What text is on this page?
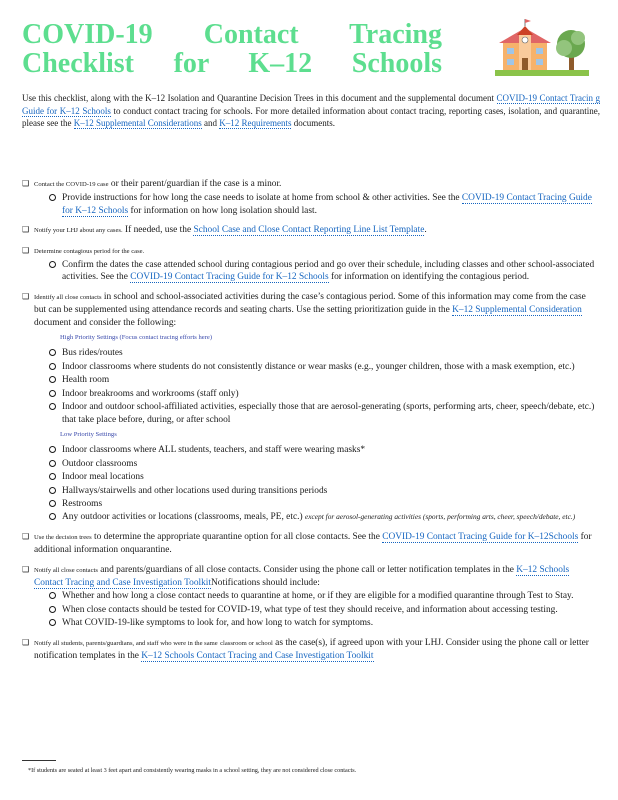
COVID-19 Contact Tracing
Checklist for K–12 Schools
Use this checklist, along with the K–12 Isolation and Quarantine Decision Trees in this document and the supplemental document COVID-19 Contact Tracin g Guide for K–12 Schools to conduct contact tracing for schools. For more detailed information about contact tracing, reporting cases, isolation, and quarantine, please see the K–12 Supplemental Considerations and K–12 Requirements documents.
❑ Contact the COVID-19 case or their parent/guardian if the case is a minor.
Provide instructions for how long the case needs to isolate at home from school & other activities. See the COVID-19 Contact Tracing Guide for K–12 Schools for information on how long isolation should last.
❑ Notify your LHJ about any cases. If needed, use the School Case and Close Contact Reporting Line List Template.
❑ Determine contagious period for the case.
Confirm the dates the case attended school during contagious period and go over their schedule, including classes and other school-associated activities. See the COVID-19 Contact Tracing Guide for K–12 Schools for information on identifying the contagious period.
❑ Identify all close contacts in school and school-associated activities during the case’s contagious period. Some of this information may come from the case but can be supplemented using attendance records and seating charts. Use the setting prioritization guide in the K–12 Supplemental Consideration document and consider the following:
High Priority Settings (Focus contact tracing efforts here)
Bus rides/routes
Indoor classrooms where students do not consistently distance or wear masks (e.g., younger children, those with a mask exemption, etc.)
Health room
Indoor breakrooms and workrooms (staff only)
Indoor and outdoor school-affiliated activities, especially those that are aerosol-generating (sports, performing arts, cheer, speech/debate, etc.) that take place before, during, or after school
Low Priority Settings
Indoor classrooms where ALL students, teachers, and staff were wearing masks*
Outdoor classrooms
Indoor meal locations
Hallways/stairwells and other locations used during transitions periods
Restrooms
Any outdoor activities or locations (classrooms, meals, PE, etc.) except for aerosol-generating activities (sports, performing arts, cheer, speech/debate, etc.)
❑ Use the decision trees to determine the appropriate quarantine option for all close contacts. See the COVID-19 Contact Tracing Guide for K–12Schools for additional information onquarantine.
❑ Notify all close contacts and parents/guardians of all close contacts. Consider using the phone call or letter notification templates in the K–12 Schools Contact Tracing and Case Investigation ToolkitNotifications should include:
Whether and how long a close contact needs to quarantine at home, or if they are eligible for a modified quarantine through Test to Stay.
When close contacts should be tested for COVID-19, what type of test they should receive, and information about accessing testing.
What COVID-19-like symptoms to look for, and how long to watch for symptoms.
❑ Notify all students, parents/guardians, and staff who were in the same classroom or school as the case(s), if agreed upon with your LHJ. Consider using the phone call or letter notification templates in the K–12 Schools Contact Tracing and Case Investigation Toolkit
*If students are seated at least 3 feet apart and consistently wearing masks in a school setting, they are not considered close contacts.
